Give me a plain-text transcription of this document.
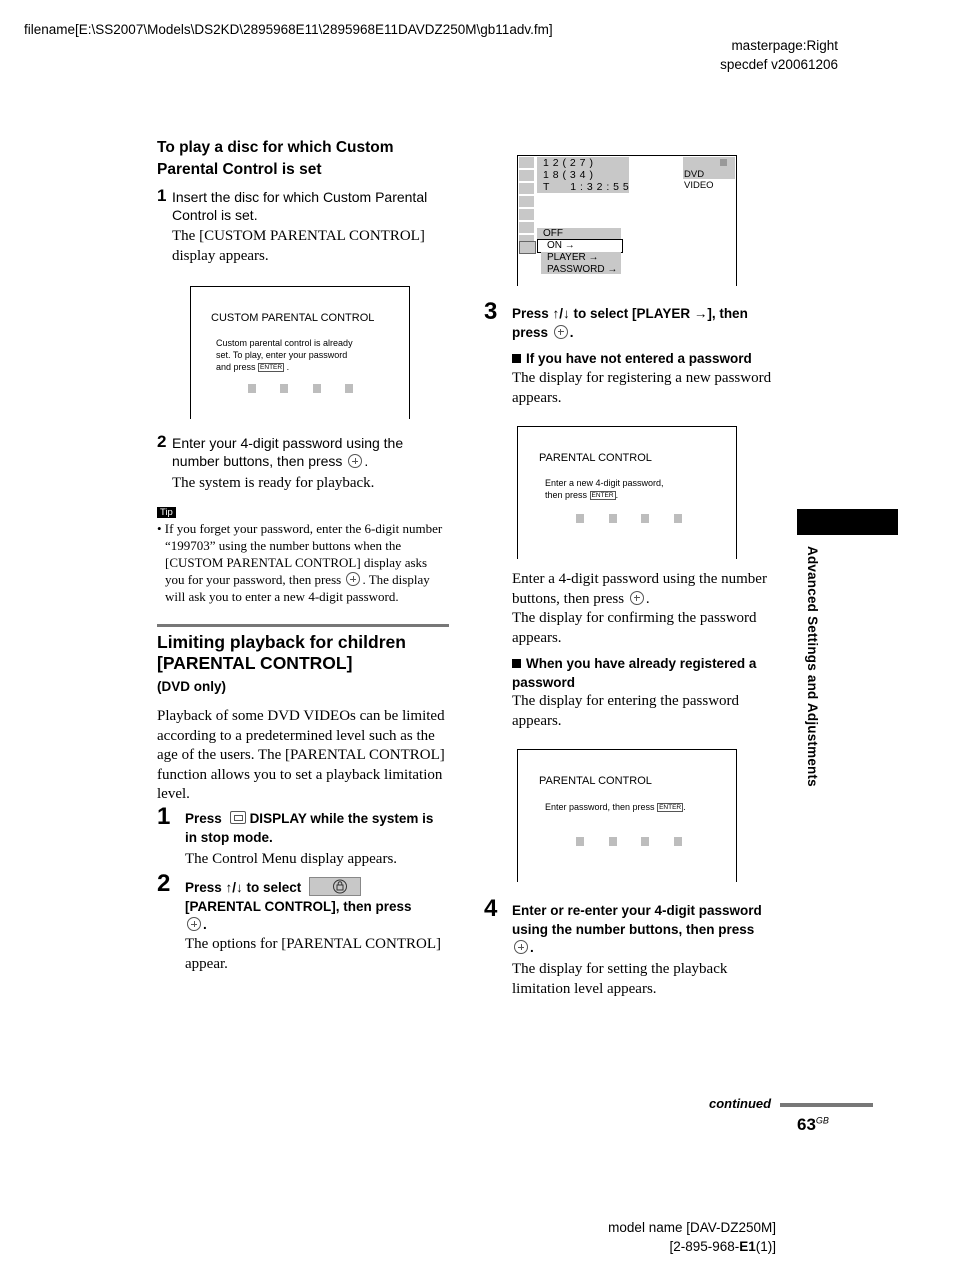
filename[E:\SS2007\Models\DS2KD\2895968E11\2895968E11DAVDZ250M\gb11adv.fm]
masterpage:Right
specdef v20061206
To play a disc for which Custom
Parental Control is set
1 Insert the disc for which Custom Parental
Control is set.
The [CUSTOM PARENTAL CONTROL]
display appears.
CUSTOM PARENTAL CONTROL
Custom parental control is already
set. To play, enter your password
and press ENTER .
2 Enter your 4-digit password using the
number buttons, then press .
The system is ready for playback.
Tip
• If you forget your password, enter the 6-digit number
“199703” using the number buttons when the
[CUSTOM PARENTAL CONTROL] display asks
you for your password, then press . The display
will ask you to enter a new 4-digit password.
Limiting playback for children
[PARENTAL CONTROL]
(DVD only)
Playback of some DVD VIDEOs can be limited
according to a predetermined level such as the
age of the users. The [PARENTAL CONTROL]
function allows you to set a playback limitation
level.
1 Press DISPLAY while the system is
in stop mode.
The Control Menu display appears.
2 Press ↑/↓ to select
[PARENTAL CONTROL], then press
.
The options for [PARENTAL CONTROL]
appear.
1 2 ( 2 7 )
1 8 ( 3 4 )
T      1 : 3 2 : 5 5
DVD VIDEO
OFF
ON →
PLAYER →
PASSWORD →
3 Press ↑/↓ to select [PLAYER →], then
press .
If you have not entered a password
The display for registering a new password
appears.
PARENTAL CONTROL
Enter a new 4-digit password,
then press ENTER .
Enter a 4-digit password using the number
buttons, then press .
The display for confirming the password
appears.
When you have already registered a
password
The display for entering the password
appears.
PARENTAL CONTROL
Enter password, then press ENTER .
4 Enter or re-enter your 4-digit password
using the number buttons, then press
.
The display for setting the playback
limitation level appears.
Advanced Settings and Adjustments
continued
$63^{GB}$
model name [DAV-DZ250M]
[2-895-968-E1(1)]
